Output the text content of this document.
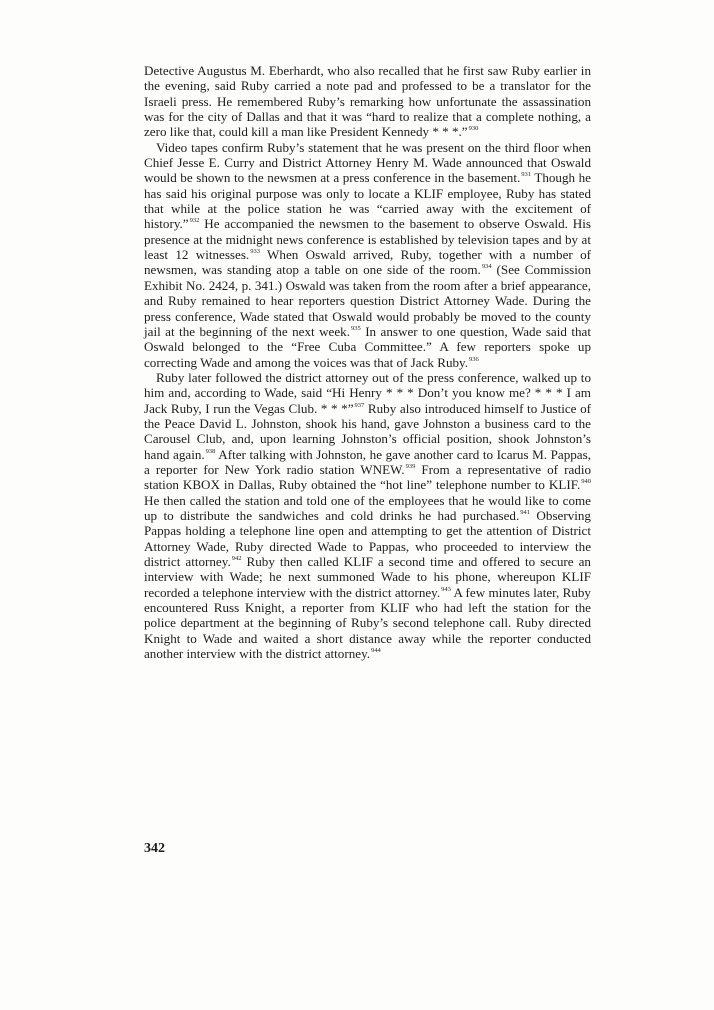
Detective Augustus M. Eberhardt, who also recalled that he first saw Ruby earlier in the evening, said Ruby carried a note pad and professed to be a translator for the Israeli press. He remembered Ruby’s remarking how unfortunate the assassination was for the city of Dallas and that it was “hard to realize that a complete nothing, a zero like that, could kill a man like President Kennedy * * *.”$^{930}$

Video tapes confirm Ruby’s statement that he was present on the third floor when Chief Jesse E. Curry and District Attorney Henry M. Wade announced that Oswald would be shown to the newsmen at a press conference in the basement.$^{931}$ Though he has said his original purpose was only to locate a KLIF employee, Ruby has stated that while at the police station he was “carried away with the excitement of history.”$^{932}$ He accompanied the newsmen to the basement to observe Oswald. His presence at the midnight news conference is established by television tapes and by at least 12 witnesses.$^{933}$ When Oswald arrived, Ruby, together with a number of newsmen, was standing atop a table on one side of the room.$^{934}$ (See Commission Exhibit No. 2424, p. 341.) Oswald was taken from the room after a brief appearance, and Ruby remained to hear reporters question District Attorney Wade. During the press conference, Wade stated that Oswald would probably be moved to the county jail at the beginning of the next week.$^{935}$ In answer to one question, Wade said that Oswald belonged to the “Free Cuba Committee.” A few reporters spoke up correcting Wade and among the voices was that of Jack Ruby.$^{936}$

Ruby later followed the district attorney out of the press conference, walked up to him and, according to Wade, said “Hi Henry * * * Don’t you know me? * * * I am Jack Ruby, I run the Vegas Club. * * *”$^{937}$ Ruby also introduced himself to Justice of the Peace David L. Johnston, shook his hand, gave Johnston a business card to the Carousel Club, and, upon learning Johnston’s official position, shook Johnston’s hand again.$^{938}$ After talking with Johnston, he gave another card to Icarus M. Pappas, a reporter for New York radio station WNEW.$^{939}$ From a representative of radio station KBOX in Dallas, Ruby obtained the “hot line” telephone number to KLIF.$^{940}$ He then called the station and told one of the employees that he would like to come up to distribute the sandwiches and cold drinks he had purchased.$^{941}$ Observing Pappas holding a telephone line open and attempting to get the attention of District Attorney Wade, Ruby directed Wade to Pappas, who proceeded to interview the district attorney.$^{942}$ Ruby then called KLIF a second time and offered to secure an interview with Wade; he next summoned Wade to his phone, whereupon KLIF recorded a telephone interview with the district attorney.$^{943}$ A few minutes later, Ruby encountered Russ Knight, a reporter from KLIF who had left the station for the police department at the beginning of Ruby’s second telephone call. Ruby directed Knight to Wade and waited a short distance away while the reporter conducted another interview with the district attorney.$^{944}$

342
